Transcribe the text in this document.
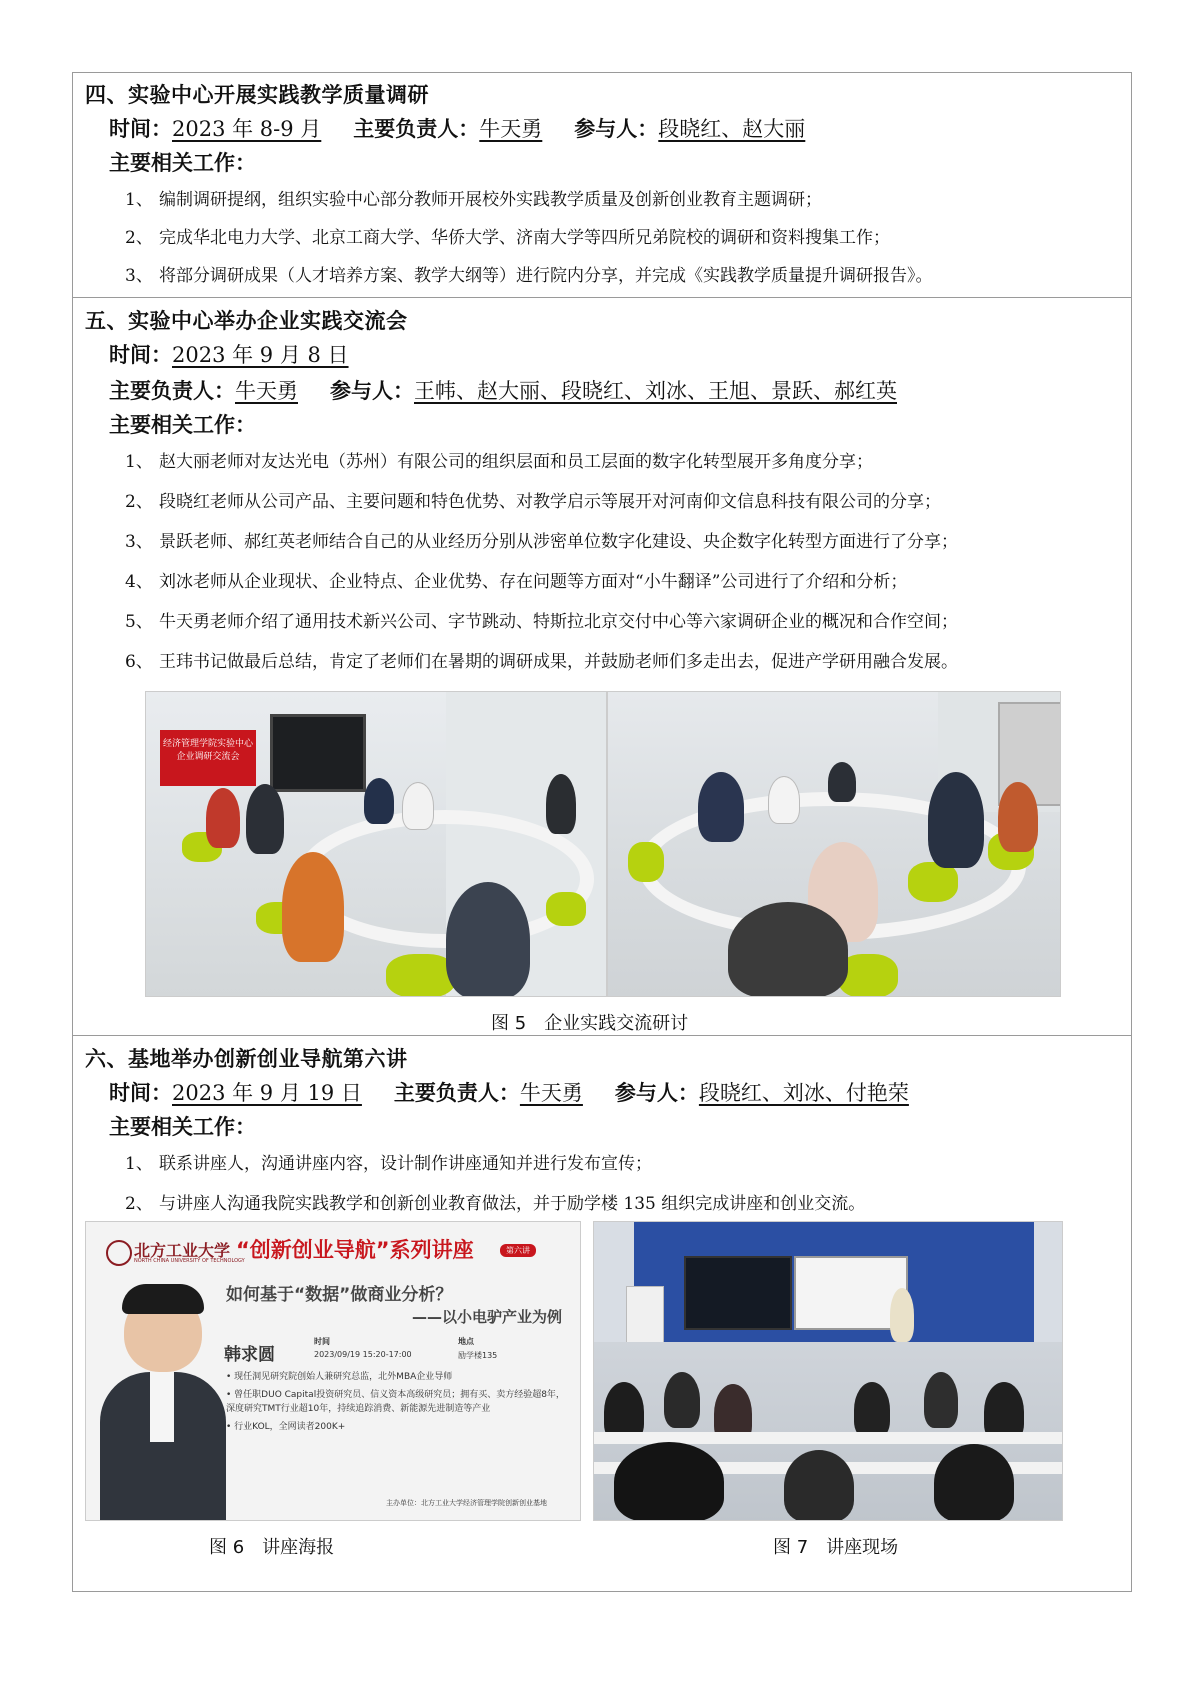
四、实验中心开展实践教学质量调研
时间：2023 年 8-9 月 主要负责人：牛天勇 参与人：段晓红、赵大丽
主要相关工作：
1、 编制调研提纲，组织实验中心部分教师开展校外实践教学质量及创新创业教育主题调研；
2、 完成华北电力大学、北京工商大学、华侨大学、济南大学等四所兄弟院校的调研和资料搜集工作；
3、 将部分调研成果（人才培养方案、教学大纲等）进行院内分享，并完成《实践教学质量提升调研报告》。
五、实验中心举办企业实践交流会
时间：2023 年 9 月 8 日
主要负责人：牛天勇 参与人：王帏、赵大丽、段晓红、刘冰、王旭、景跃、郝红英
主要相关工作：
1、 赵大丽老师对友达光电（苏州）有限公司的组织层面和员工层面的数字化转型展开多角度分享；
2、 段晓红老师从公司产品、主要问题和特色优势、对教学启示等展开对河南仰文信息科技有限公司的分享；
3、 景跃老师、郝红英老师结合自己的从业经历分别从涉密单位数字化建设、央企数字化转型方面进行了分享；
4、 刘冰老师从企业现状、企业特点、企业优势、存在问题等方面对“小牛翻译”公司进行了介绍和分析；
5、 牛天勇老师介绍了通用技术新兴公司、字节跳动、特斯拉北京交付中心等六家调研企业的概况和合作空间；
6、 王玮书记做最后总结，肯定了老师们在暑期的调研成果，并鼓励老师们多走出去，促进产学研用融合发展。
经济管理学院实验中心
企业调研交流会
图 5　企业实践交流研讨
六、基地举办创新创业导航第六讲
时间：2023 年 9 月 19 日 主要负责人：牛天勇 参与人：段晓红、刘冰、付艳荣
主要相关工作：
1、 联系讲座人，沟通讲座内容，设计制作讲座通知并进行发布宣传；
2、 与讲座人沟通我院实践教学和创新创业教育做法，并于励学楼 135 组织完成讲座和创业交流。
北方工业大学
NORTH CHINA UNIVERSITY OF TECHNOLOGY
“创新创业导航”系列讲座	第六讲
如何基于“数据”做商业分析？
——以小电驴产业为例
韩求圆
时间
2023/09/19 15:20-17:00
地点
励学楼135
• 现任洞见研究院创始人兼研究总监，北外MBA企业导师
• 曾任职DUO Capital投资研究员、信义资本高级研究员；拥有买、卖方经验超8年，深度研究TMT行业超10年，持续追踪消费、新能源先进制造等产业
• 行业KOL，全网读者200K+
主办单位：北方工业大学经济管理学院创新创业基地
图 6　讲座海报	图 7　讲座现场
